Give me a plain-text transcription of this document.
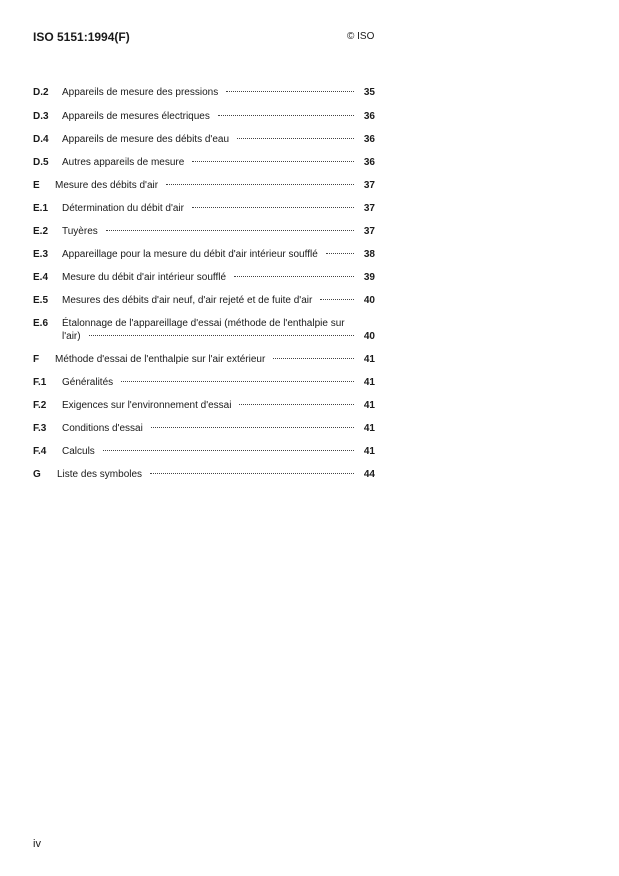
ISO 5151:1994(F)	© ISO
D.2	Appareils de mesure des pressions	35
D.3	Appareils de mesures électriques	36
D.4	Appareils de mesure des débits d'eau	36
D.5	Autres appareils de mesure	36
E	Mesure des débits d'air	37
E.1	Détermination du débit d'air	37
E.2	Tuyères	37
E.3	Appareillage pour la mesure du débit d'air intérieur soufflé	38
E.4	Mesure du débit d'air intérieur soufflé	39
E.5	Mesures des débits d'air neuf, d'air rejeté et de fuite d'air	40
E.6	Étalonnage de l'appareillage d'essai (méthode de l'enthalpie sur
l'air)	40
F	Méthode d'essai de l'enthalpie sur l'air extérieur	41
F.1	Généralités	41
F.2	Exigences sur l'environnement d'essai	41
F.3	Conditions d'essai	41
F.4	Calculs	41
G	Liste des symboles	44
iv
